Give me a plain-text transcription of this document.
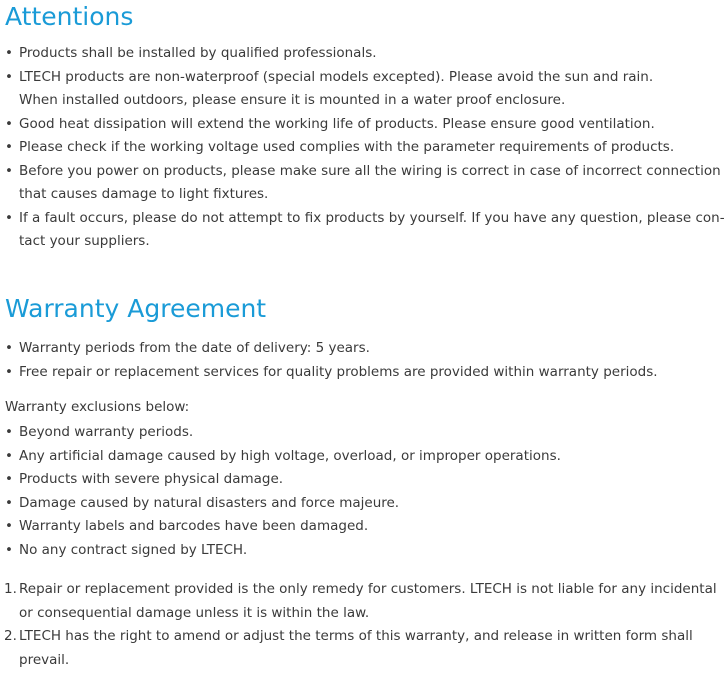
Attentions
• Products shall be installed by qualified professionals.
• LTECH products are non-waterproof (special models excepted). Please avoid the sun and rain.
When installed outdoors, please ensure it is mounted in a water proof enclosure.
• Good heat dissipation will extend the working life of products. Please ensure good ventilation.
• Please check if the working voltage used complies with the parameter requirements of products.
• Before you power on products, please make sure all the wiring is correct in case of incorrect connection
that causes damage to light fixtures.
• If a fault occurs, please do not attempt to fix products by yourself. If you have any question, please con-
tact your suppliers.
Warranty Agreement
• Warranty periods from the date of delivery: 5 years.
• Free repair or replacement services for quality problems are provided within warranty periods.

Warranty exclusions below:

• Beyond warranty periods.
• Any artificial damage caused by high voltage, overload, or improper operations.
• Products with severe physical damage.
• Damage caused by natural disasters and force majeure.
• Warranty labels and barcodes have been damaged.
• No any contract signed by LTECH.
1. Repair or replacement provided is the only remedy for customers. LTECH is not liable for any incidental
or consequential damage unless it is within the law.
2. LTECH has the right to amend or adjust the terms of this warranty, and release in written form shall
prevail.
